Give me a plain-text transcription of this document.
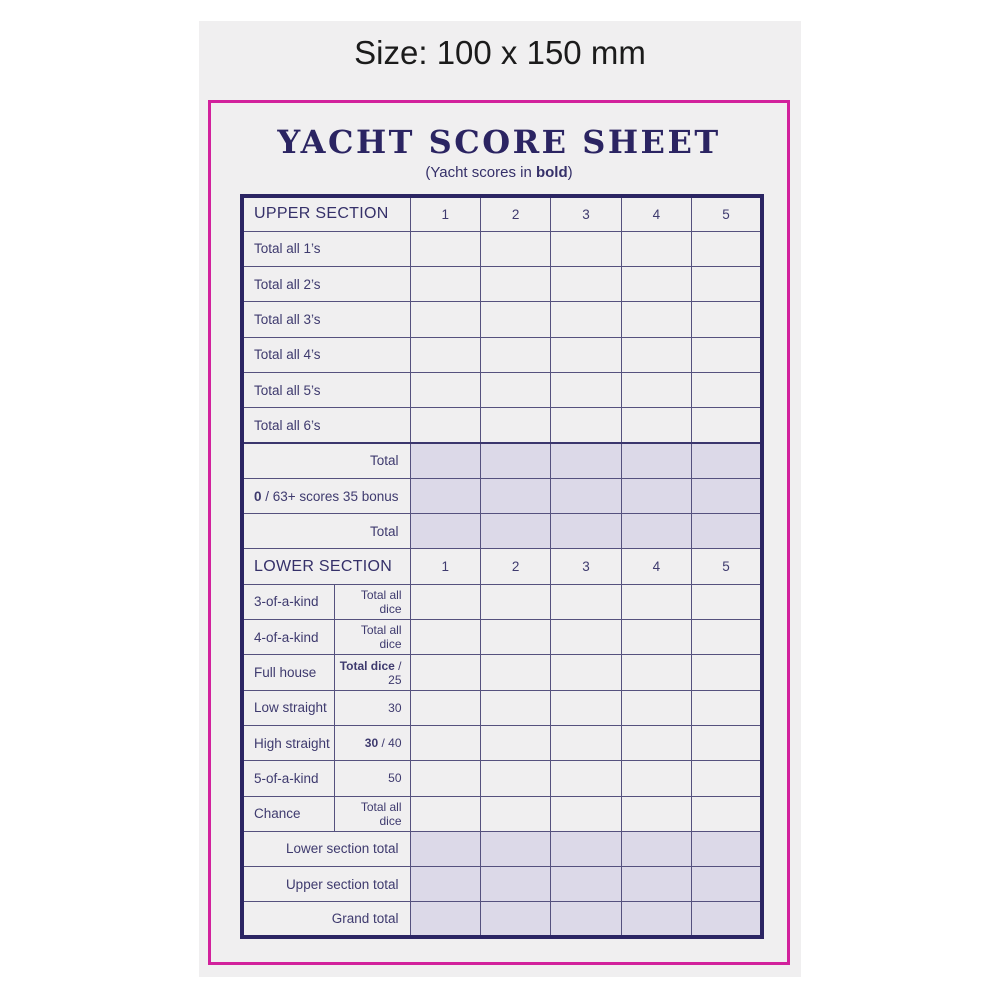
Size: 100 x 150 mm
YACHT SCORE SHEET
(Yacht scores in bold)
UPPER SECTION		1	2	3	4	5
Total all 1’s						
Total all 2’s						
Total all 3’s						
Total all 4’s						
Total all 5’s						
Total all 6’s						
Total						
0 / 63+ scores 35 bonus						
Total						
LOWER SECTION		1	2	3	4	5
3-of-a-kind	Total all dice					
4-of-a-kind	Total all dice					
Full house	Total dice / 25					
Low straight	30					
High straight	30 / 40					
5-of-a-kind	50					
Chance	Total all dice					
Lower section total						
Upper section total						
Grand total						
